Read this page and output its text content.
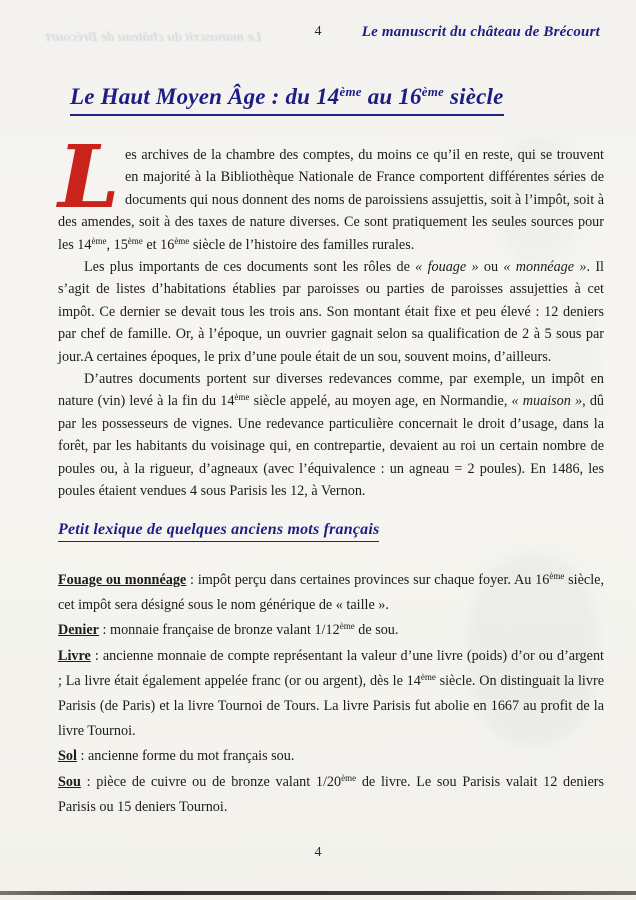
Le manuscrit du château de Brécourt	4	Le manuscrit du château de Brécourt
Le Haut Moyen Âge : du 14ème au 16ème siècle

Les archives de la chambre des comptes, du moins ce qu’il en reste, qui se trouvent en majorité à la Bibliothèque Nationale de France comportent différentes séries de documents qui nous donnent des noms de paroissiens assujettis, soit à l’impôt, soit à des amendes, soit à des taxes de nature diverses. Ce sont pratiquement les seules sources pour les 14ème, 15ème et 16ème siècle de l’histoire des familles rurales.

Les plus importants de ces documents sont les rôles de « fouage » ou « monnéage ». Il s’agit de listes d’habitations établies par paroisses ou parties de paroisses assujetties à cet impôt. Ce dernier se devait tous les trois ans. Son montant était fixe et peu élevé : 12 deniers par chef de famille. Or, à l’époque, un ouvrier gagnait selon sa qualification de 2 à 5 sous par jour.A certaines époques, le prix d’une poule était de un sou, souvent moins, d’ailleurs.

D’autres documents portent sur diverses redevances comme, par exemple, un impôt en nature (vin) levé à la fin du 14ème siècle appelé, au moyen age, en Normandie, « muaison », dû par les possesseurs de vignes. Une redevance particulière concernait le droit d’usage, dans la forêt, par les habitants du voisinage qui, en contrepartie, devaient au roi un certain nombre de poules ou, à la rigueur, d’agneaux (avec l’équivalence : un agneau = 2 poules). En 1486, les poules étaient vendues 4 sous Parisis les 12, à Vernon.

Petit lexique de quelques anciens mots français

Fouage ou monnéage : impôt perçu dans certaines provinces sur chaque foyer. Au 16ème siècle, cet impôt sera désigné sous le nom générique de « taille ».

Denier : monnaie française de bronze valant 1/12ème de sou.

Livre : ancienne monnaie de compte représentant la valeur d’une livre (poids) d’or ou d’argent ; La livre était également appelée franc (or ou argent), dès le 14ème siècle. On distinguait la livre Parisis (de Paris) et la livre Tournoi de Tours. La livre Parisis fut abolie en 1667 au profit de la livre Tournoi.

Sol : ancienne forme du mot français sou.

Sou : pièce de cuivre ou de bronze valant 1/20ème de livre. Le sou Parisis valait 12 deniers Parisis ou 15 deniers Tournoi.

4
